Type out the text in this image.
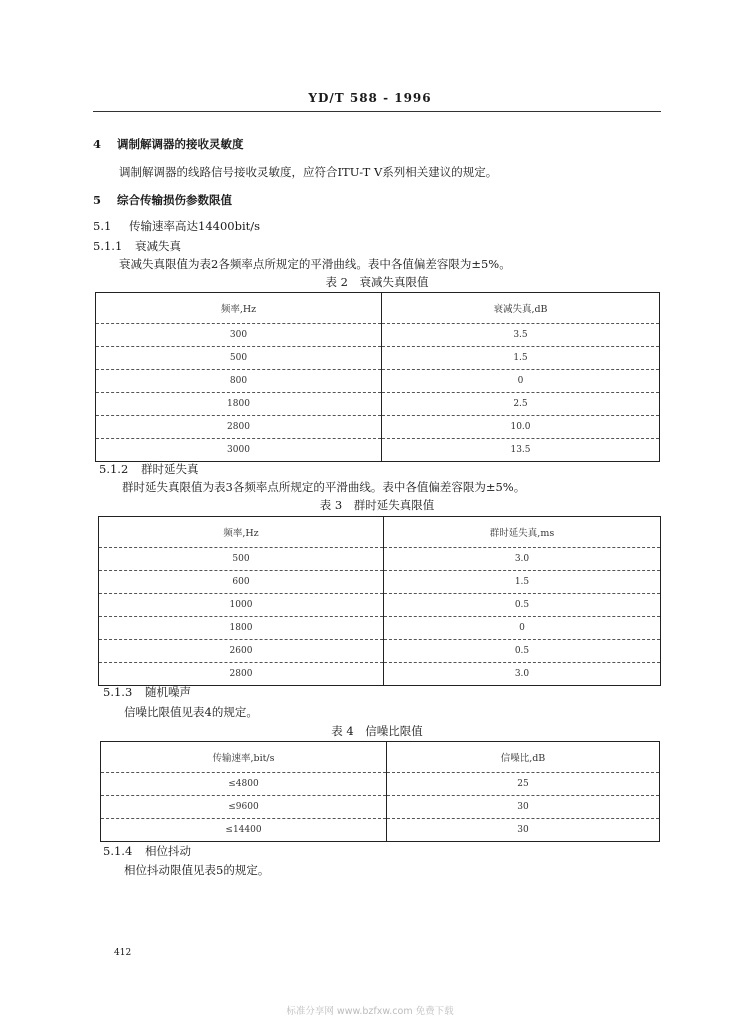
YD/T 588 - 1996
4 调制解调器的接收灵敏度
调制解调器的线路信号接收灵敏度，应符合ITU-T V系列相关建议的规定。
5 综合传输损伤参数限值
5.1 传输速率高达14400bit/s
5.1.1 衰减失真
衰减失真限值为表2各频率点所规定的平滑曲线。表中各值偏差容限为±5%。
表 2　衰减失真限值
频率,Hz	衰减失真,dB
300	3.5
500	1.5
800	0
1800	2.5
2800	10.0
3000	13.5
5.1.2 群时延失真
群时延失真限值为表3各频率点所规定的平滑曲线。表中各值偏差容限为±5%。
表 3　群时延失真限值
频率,Hz	群时延失真,ms
500	3.0
600	1.5
1000	0.5
1800	0
2600	0.5
2800	3.0
5.1.3 随机噪声
信噪比限值见表4的规定。
表 4　信噪比限值
传输速率,bit/s	信噪比,dB
≤4800	25
≤9600	30
≤14400	30
5.1.4 相位抖动
相位抖动限值见表5的规定。
412
标准分享网 www.bzfxw.com 免费下载
